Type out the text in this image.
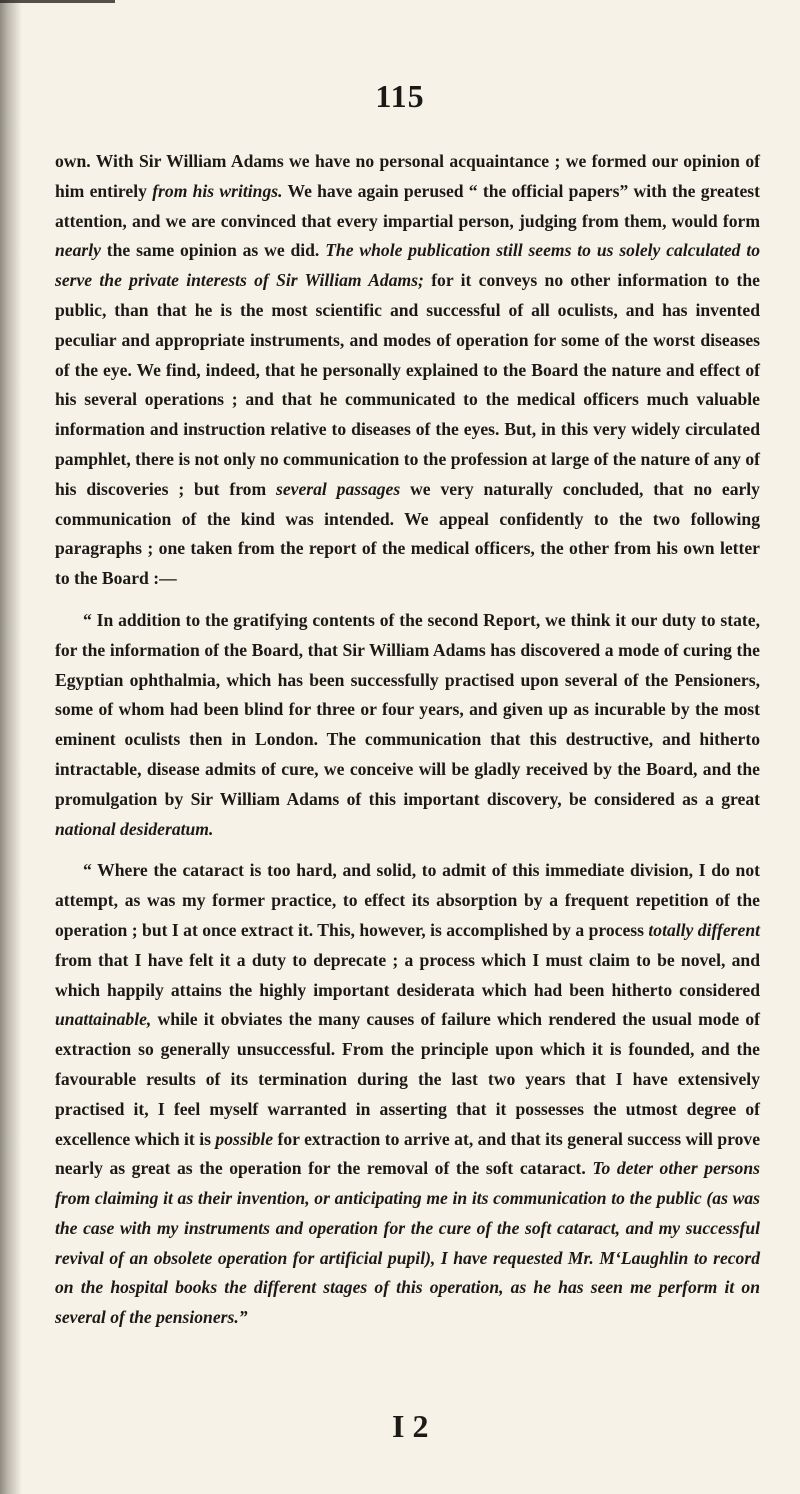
115

own. With Sir William Adams we have no personal acquaintance ; we formed our opinion of him entirely from his writings. We have again perused “ the official papers” with the greatest attention, and we are convinced that every impartial person, judging from them, would form nearly the same opinion as we did. The whole publication still seems to us solely calculated to serve the private interests of Sir William Adams; for it conveys no other information to the public, than that he is the most scientific and successful of all oculists, and has invented peculiar and appropriate instruments, and modes of operation for some of the worst diseases of the eye. We find, indeed, that he personally explained to the Board the nature and effect of his several operations ; and that he communicated to the medical officers much valuable information and instruction relative to diseases of the eyes. But, in this very widely circulated pamphlet, there is not only no communication to the profession at large of the nature of any of his discoveries ; but from several passages we very naturally concluded, that no early communication of the kind was intended. We appeal confidently to the two following paragraphs ; one taken from the report of the medical officers, the other from his own letter to the Board :—

“ In addition to the gratifying contents of the second Report, we think it our duty to state, for the information of the Board, that Sir William Adams has discovered a mode of curing the Egyptian ophthalmia, which has been successfully practised upon several of the Pensioners, some of whom had been blind for three or four years, and given up as incurable by the most eminent oculists then in London. The communication that this destructive, and hitherto intractable, disease admits of cure, we conceive will be gladly received by the Board, and the promulgation by Sir William Adams of this important discovery, be considered as a great national desideratum.

“ Where the cataract is too hard, and solid, to admit of this immediate division, I do not attempt, as was my former practice, to effect its absorption by a frequent repetition of the operation ; but I at once extract it. This, however, is accomplished by a process totally different from that I have felt it a duty to deprecate ; a process which I must claim to be novel, and which happily attains the highly important desiderata which had been hitherto considered unattainable, while it obviates the many causes of failure which rendered the usual mode of extraction so generally unsuccessful. From the principle upon which it is founded, and the favourable results of its termination during the last two years that I have extensively practised it, I feel myself warranted in asserting that it possesses the utmost degree of excellence which it is possible for extraction to arrive at, and that its general success will prove nearly as great as the operation for the removal of the soft cataract. To deter other persons from claiming it as their invention, or anticipating me in its communication to the public (as was the case with my instruments and operation for the cure of the soft cataract, and my successful revival of an obsolete operation for artificial pupil), I have requested Mr. M‘Laughlin to record on the hospital books the different stages of this operation, as he has seen me perform it on several of the pensioners.”

I 2
